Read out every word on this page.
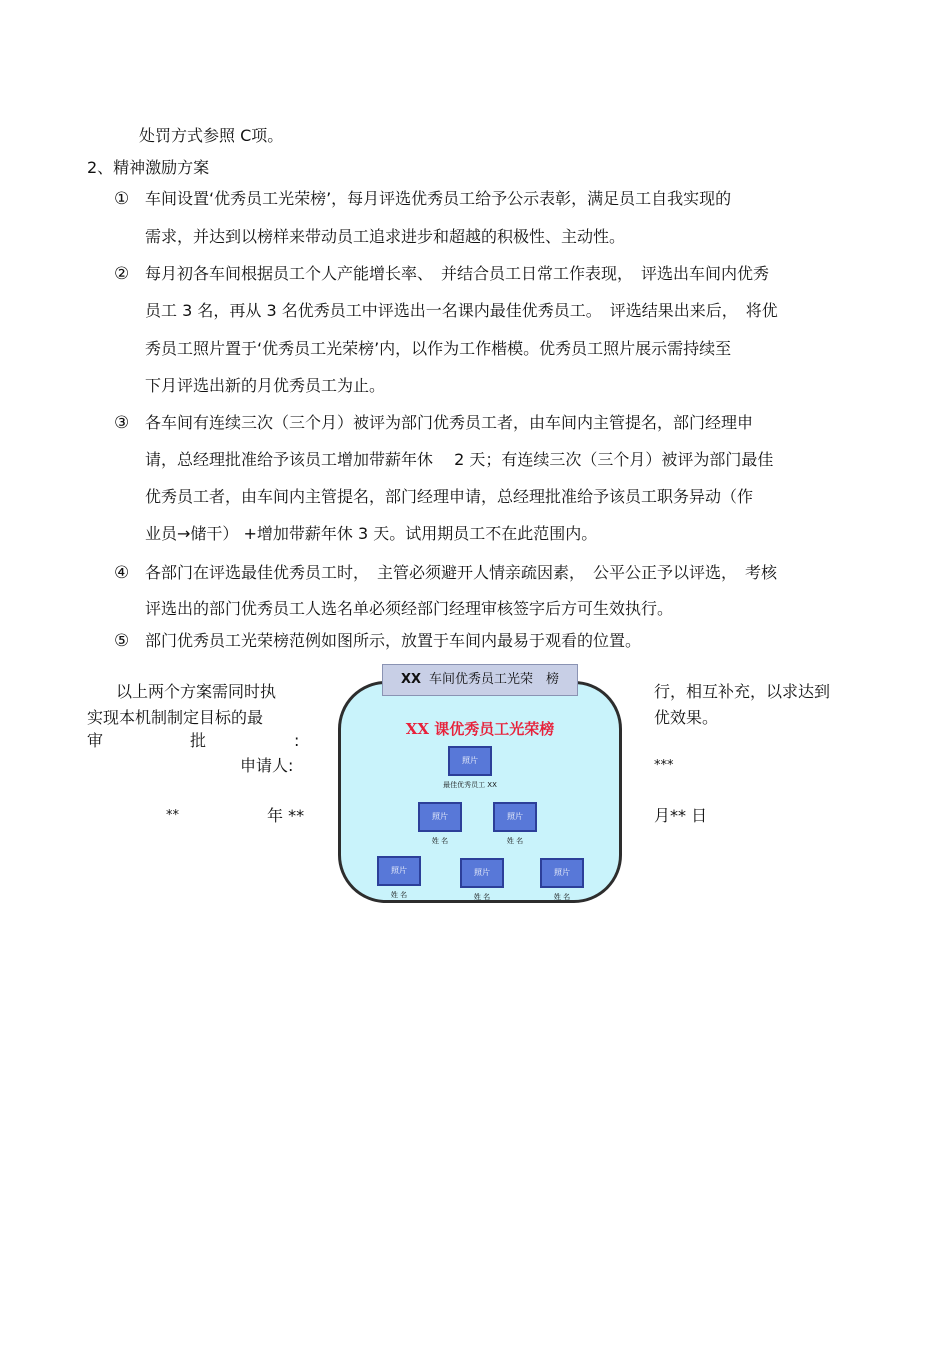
处罚方式参照 C项。
2、精神激励方案
① 车间设置‘优秀员工光荣榜’，每月评选优秀员工给予公示表彰，满足员工自我实现的
需求，并达到以榜样来带动员工追求进步和超越的积极性、主动性。
② 每月初各车间根据员工个人产能增长率、　并结合员工日常工作表现，　评选出车间内优秀
员工 3 名，再从 3 名优秀员工中评选出一名课内最佳优秀员工。　评选结果出来后，　将优
秀员工照片置于‘优秀员工光荣榜’内，以作为工作楷模。优秀员工照片展示需持续至
下月评选出新的月优秀员工为止。
③ 各车间有连续三次（三个月）被评为部门优秀员工者，由车间内主管提名，部门经理申
请，总经理批准给予该员工增加带薪年休　 2 天；有连续三次（三个月）被评为部门最佳
优秀员工者，由车间内主管提名，部门经理申请，总经理批准给予该员工职务异动（作
业员→储干） +增加带薪年休 3 天。试用期员工不在此范围内。
④ 各部门在评选最佳优秀员工时，　主管必须避开人情亲疏因素，　公平公正予以评选，　考核
评选出的部门优秀员工人选名单必须经部门经理审核签字后方可生效执行。
⑤ 部门优秀员工光荣榜范例如图所示，放置于车间内最易于观看的位置。
以上两个方案需同时执	行，相互补充，以求达到
实现本机制制定目标的最	优效果。
审	批	:
申请人:	***
**	年 **	月** 日
XX 课优秀员工光荣榜
照片
最佳优秀员工 XX
照片
姓 名
照片
姓 名
照片
姓 名
照片
姓 名
照片
姓 名
XX 车间优秀员工光荣　榜
